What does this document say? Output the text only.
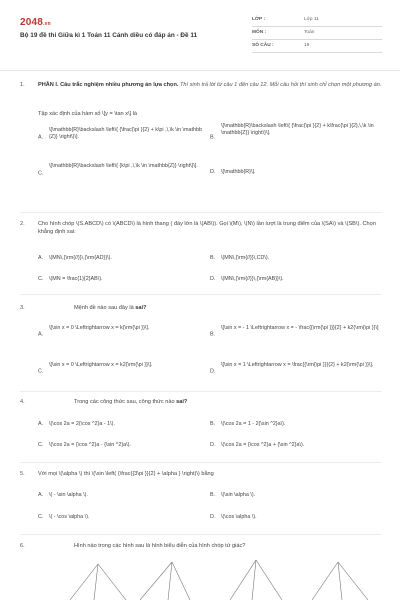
2048.vn
Bộ 19 đề thi Giữa kì 1 Toán 11 Cánh diều có đáp án - Đề 11
LỚP :	Lớp 11
MÔN :	Toán
SỐ CÂU :	19
1. PHẦN I. Câu trắc nghiệm nhiều phương án lựa chọn. Thí sinh trả lời từ câu 1 đến câu 12. Mỗi câu hỏi thí sinh chỉ chọn một phương án.
Tập xác định của hàm số \[y = \tan x\] là
A.
\[\mathbb{R}\backslash \left\{ {\frac{\pi }{2} + k\pi ,\,\k \in \mathbb{Z}} \right\}\].	B.
\[\mathbb{R}\backslash \left\{ {\frac{\pi }{2} + k\frac{\pi }{2},\,\k \in \mathbb{Z}} \right\}\].
C.
\[\mathbb{R}\backslash \left\{ {k\pi ,\,\k \in \mathbb{Z}} \right\}\].
D. \[\mathbb{R}\].
2. Cho hình chóp \(S.ABCD\) có \(ABCD\) là hình thang ( đáy lớn là \(AB\)). Gọi \(M\), \(N\) lần lượt là trung điểm của \(SA\) và \(SB\). Chọn khẳng định sai:
A. \(MN\,{\rm{//}}\,{\rm{AD}}\).	B. \(MN\,{\rm{//}}\,CD\).
C. \(MN = \frac{1}{2}AB\).	D. \(MN\,{\rm{//}}\,{\rm{AB}}\).
3.	Mệnh đề nào sau đây là sai?
A.
\[\sin x = 0 \Leftrightarrow x = k{\rm{\pi }}\].
B.
\[\sin x = - 1 \Leftrightarrow x = - \frac{{\rm{\pi }}}{2} + k2{\rm{\pi }}\]
C.
\[\sin x = 0 \Leftrightarrow x = k2{\rm{\pi }}\].
D.
\[\sin x = 1 \Leftrightarrow x = \frac{{\rm{\pi }}}{2} + k2{\rm{\pi }}\].
4.	Trong các công thức sau, công thức nào sai?
A. \(\cos 2a = 2{\cos ^2}a - 1\).	B. \(\cos 2a = 1 - 2{\sin ^2}a\).
C. \(\cos 2a = {\cos ^2}a - {\sin ^2}a\).	D. \(\cos 2a = {\cos ^2}a + {\sin ^2}a\).
5. Với mọi \(\alpha \) thì \(\sin \left( {\frac{{3\pi }}{2} + \alpha } \right)\) bằng
A. \( - \sin \alpha \).	B. \(\sin \alpha \).
C. \( - \cos \alpha \).	D. \(\cos \alpha \).
6.	Hình nào trong các hình sau là hình biểu diễn của hình chóp tứ giác?
